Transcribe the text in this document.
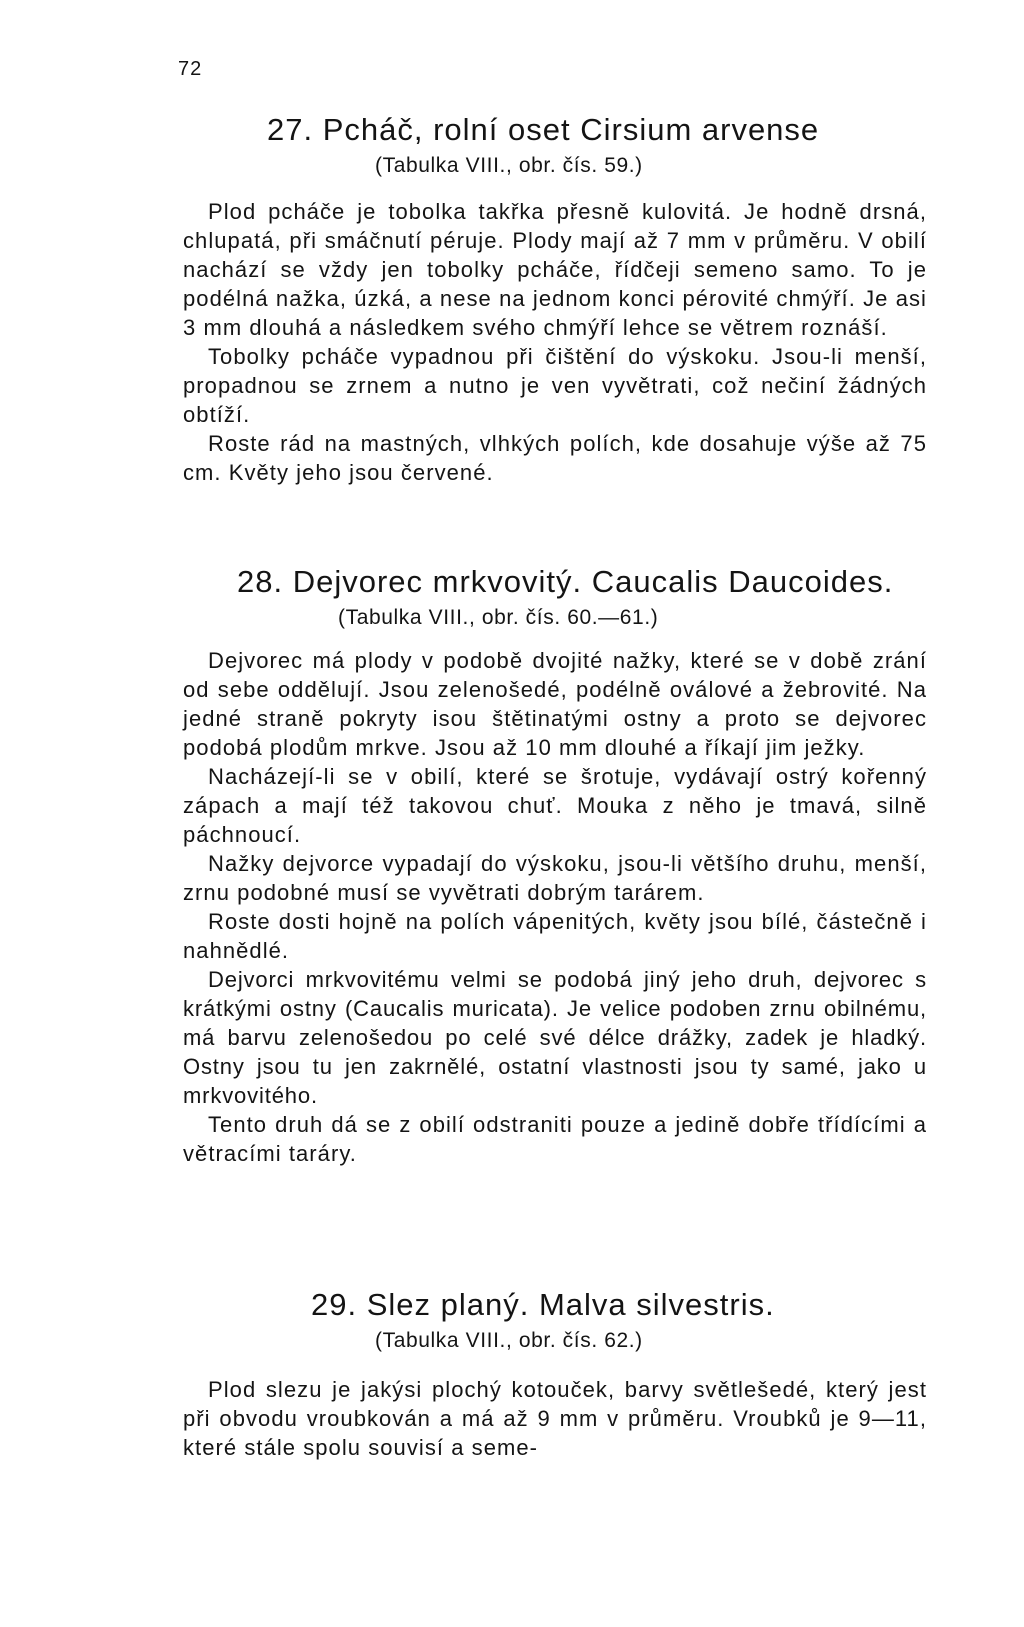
72
27. Pcháč, rolní oset Cirsium arvense
(Tabulka VIII., obr. čís. 59.)

Plod pcháče je tobolka takřka přesně kulovitá. Je hodně drsná, chlupatá, při smáčnutí péruje. Plody mají až 7 mm v průměru. V obilí nachází se vždy jen tobolky pcháče, řídčeji semeno samo. To je podélná nažka, úzká, a nese na jednom konci pérovité chmýří. Je asi 3 mm dlouhá a následkem svého chmýří lehce se větrem roznáší.

Tobolky pcháče vypadnou při čištění do výskoku. Jsou-li menší, propadnou se zrnem a nutno je ven vyvětrati, což nečiní žádných obtíží.

Roste rád na mastných, vlhkých polích, kde dosahuje výše až 75 cm. Květy jeho jsou červené.

28. Dejvorec mrkvovitý. Caucalis Daucoides.
(Tabulka VIII., obr. čís. 60.—61.)

Dejvorec má plody v podobě dvojité nažky, které se v době zrání od sebe oddělují. Jsou zelenošedé, podélně oválové a žebrovité. Na jedné straně pokryty isou štětinatými ostny a proto se dejvorec podobá plodům mrkve. Jsou až 10 mm dlouhé a říkají jim ježky.

Nacházejí-li se v obilí, které se šrotuje, vydávají ostrý kořenný zápach a mají též takovou chuť. Mouka z něho je tmavá, silně páchnoucí.

Nažky dejvorce vypadají do výskoku, jsou-li většího druhu, menší, zrnu podobné musí se vyvětrati dobrým tarárem.

Roste dosti hojně na polích vápenitých, květy jsou bílé, částečně i nahnědlé.

Dejvorci mrkvovitému velmi se podobá jiný jeho druh, dejvorec s krátkými ostny (Caucalis muricata). Je velice podoben zrnu obilnému, má barvu zelenošedou po celé své délce drážky, zadek je hladký. Ostny jsou tu jen zakrnělé, ostatní vlastnosti jsou ty samé, jako u mrkvovitého.

Tento druh dá se z obilí odstraniti pouze a jedině dobře třídícími a větracími taráry.

29. Slez planý. Malva silvestris.
(Tabulka VIII., obr. čís. 62.)

Plod slezu je jakýsi plochý kotouček, barvy světlešedé, který jest při obvodu vroubkován a má až 9 mm v průměru. Vroubků je 9—11, které stále spolu souvisí a seme-
